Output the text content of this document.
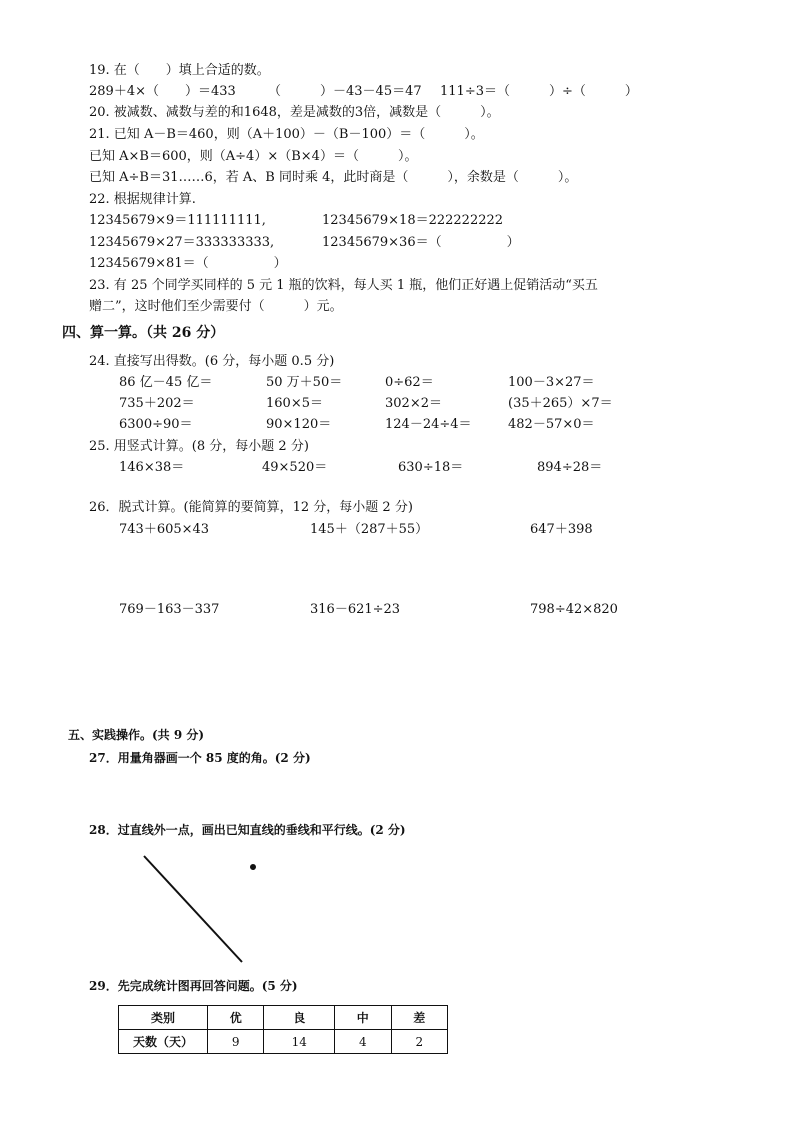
19. 在（　　）填上合适的数。
289＋4×（　　）＝433 （　　　）－43－45＝47 111÷3＝（　　　）÷（　　　）
20. 被减数、减数与差的和1648，差是减数的3倍，减数是（　　　）。
21. 已知 A－B＝460，则（A＋100）－（B－100）＝（　　　）。
已知 A×B＝600，则（A÷4）×（B×4）＝（　　　）。
已知 A÷B＝31……6，若 A、B 同时乘 4，此时商是（　　　），余数是（　　　）。
22. 根据规律计算.
12345679×9＝111111111,	12345679×18＝222222222
12345679×27＝333333333,	12345679×36＝（　　　　　）
12345679×81＝（　　　　　）
23. 有 25 个同学买同样的 5 元 1 瓶的饮料，每人买 1 瓶，他们正好遇上促销活动“买五
赠二”，这时他们至少需要付（　　　）元。
四、算一算。（共 26 分）
24. 直接写出得数。(6 分，每小题 0.5 分)
86 亿－45 亿＝	50 万＋50＝	0÷62＝	100－3×27＝
735＋202＝	160×5＝	302×2＝	(35＋265）×7＝
6300÷90＝	90×120＝	124－24÷4＝	482－57×0＝
25. 用竖式计算。(8 分，每小题 2 分)
146×38＝	49×520＝	630÷18＝	894÷28＝
26．脱式计算。(能简算的要简算，12 分，每小题 2 分)
743＋605×43	145＋（287＋55）	647＋398
769－163－337	316－621÷23	798÷42×820
五、实践操作。(共 9 分)
27．用量角器画一个 85 度的角。(2 分)
28．过直线外一点，画出已知直线的垂线和平行线。(2 分)
29．先完成统计图再回答问题。(5 分)
类别	优	良	中	差
天数（天）	9	14	4	2
